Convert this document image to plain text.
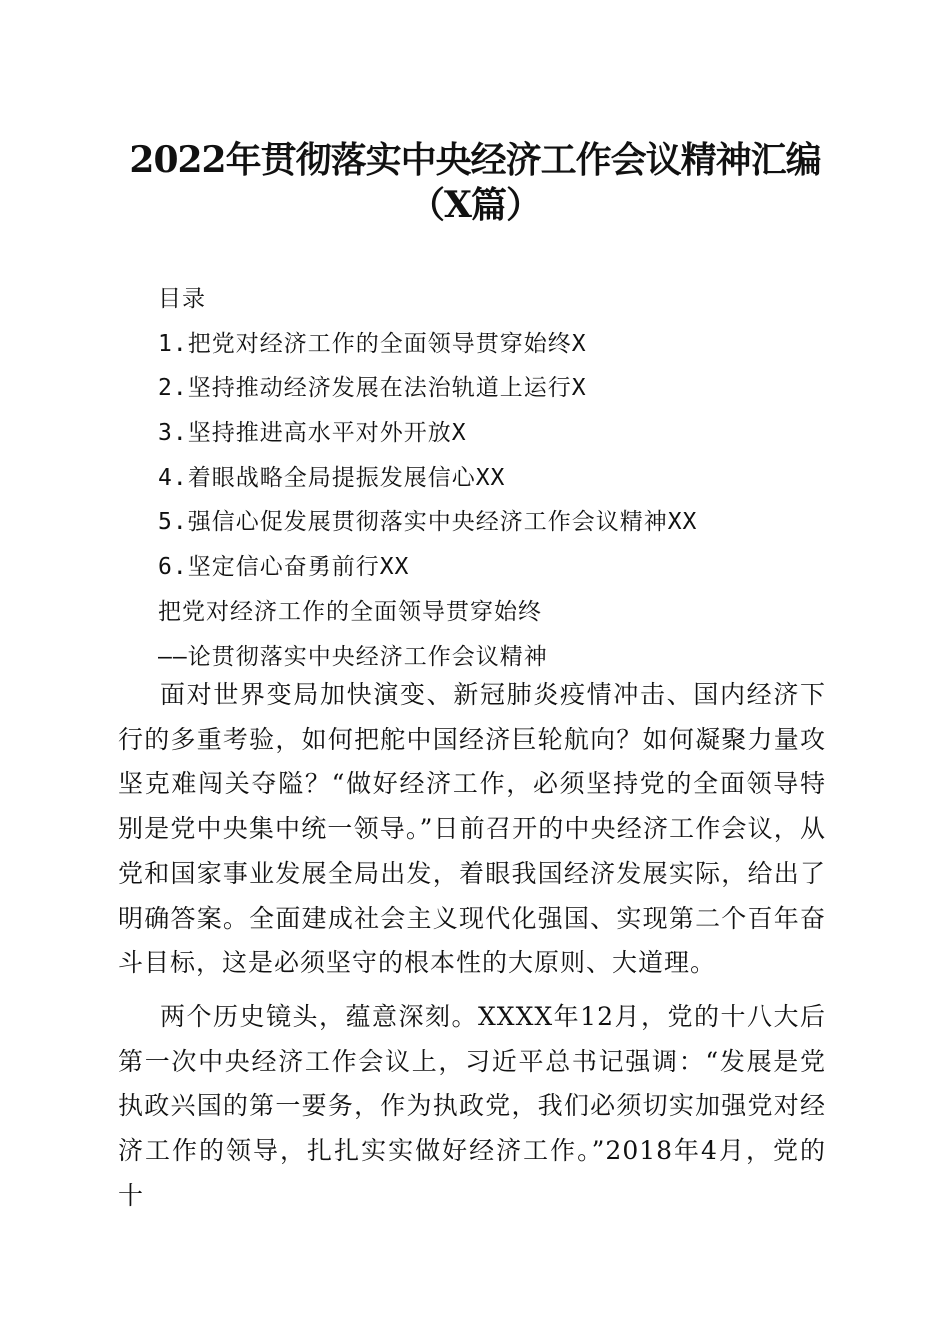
2022年贯彻落实中央经济工作会议精神汇编
（X篇）
目录
1.把党对经济工作的全面领导贯穿始终X
2.坚持推动经济发展在法治轨道上运行X
3.坚持推进高水平对外开放X
4.着眼战略全局提振发展信心XX
5.强信心促发展贯彻落实中央经济工作会议精神XX
6.坚定信心奋勇前行XX
把党对经济工作的全面领导贯穿始终
——论贯彻落实中央经济工作会议精神

面对世界变局加快演变、新冠肺炎疫情冲击、国内经济下行的多重考验，如何把舵中国经济巨轮航向？如何凝聚力量攻坚克难闯关夺隘？“做好经济工作，必须坚持党的全面领导特别是党中央集中统一领导。”日前召开的中央经济工作会议，从党和国家事业发展全局出发，着眼我国经济发展实际，给出了明确答案。全面建成社会主义现代化强国、实现第二个百年奋斗目标，这是必须坚守的根本性的大原则、大道理。

两个历史镜头，蕴意深刻。XXXX年12月，党的十八大后第一次中央经济工作会议上，习近平总书记强调：“发展是党执政兴国的第一要务，作为执政党，我们必须切实加强党对经济工作的领导，扎扎实实做好经济工作。”2018年4月，党的十
